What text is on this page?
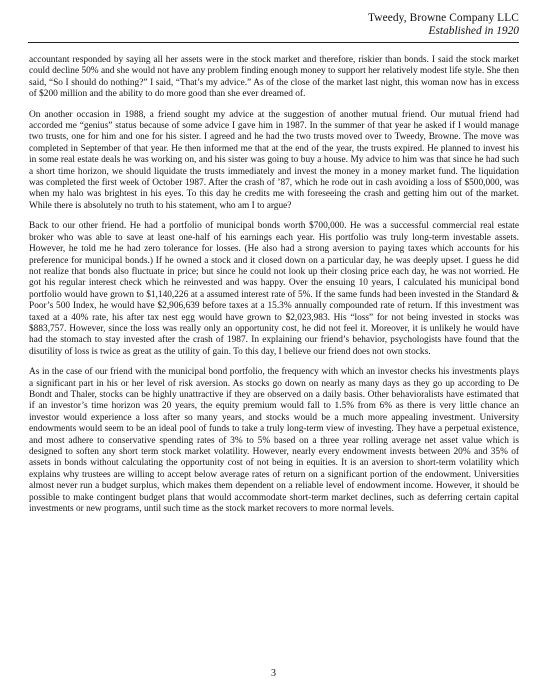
Tweedy, Browne Company LLC
Established in 1920

accountant responded by saying all her assets were in the stock market and therefore, riskier than bonds. I said the stock market could decline 50% and she would not have any problem finding enough money to support her relatively modest life style. She then said, “So I should do nothing?” I said, “That’s my advice.” As of the close of the market last night, this woman now has in excess of $200 million and the ability to do more good than she ever dreamed of.

On another occasion in 1988, a friend sought my advice at the suggestion of another mutual friend. Our mutual friend had accorded me “genius” status because of some advice I gave him in 1987. In the summer of that year he asked if I would manage two trusts, one for him and one for his sister. I agreed and he had the two trusts moved over to Tweedy, Browne. The move was completed in September of that year. He then informed me that at the end of the year, the trusts expired. He planned to invest his in some real estate deals he was working on, and his sister was going to buy a house. My advice to him was that since he had such a short time horizon, we should liquidate the trusts immediately and invest the money in a money market fund. The liquidation was completed the first week of October 1987. After the crash of ’87, which he rode out in cash avoiding a loss of $500,000, was when my halo was brightest in his eyes. To this day he credits me with foreseeing the crash and getting him out of the market. While there is absolutely no truth to his statement, who am I to argue?

Back to our other friend. He had a portfolio of municipal bonds worth $700,000. He was a successful commercial real estate broker who was able to save at least one-half of his earnings each year. His portfolio was truly long-term investable assets. However, he told me he had zero tolerance for losses. (He also had a strong aversion to paying taxes which accounts for his preference for municipal bonds.) If he owned a stock and it closed down on a particular day, he was deeply upset. I guess he did not realize that bonds also fluctuate in price; but since he could not look up their closing price each day, he was not worried. He got his regular interest check which he reinvested and was happy. Over the ensuing 10 years, I calculated his municipal bond portfolio would have grown to $1,140,226 at a assumed interest rate of 5%. If the same funds had been invested in the Standard & Poor’s 500 Index, he would have $2,906,639 before taxes at a 15.3% annually compounded rate of return. If this investment was taxed at a 40% rate, his after tax nest egg would have grown to $2,023,983. His “loss” for not being invested in stocks was $883,757. However, since the loss was really only an opportunity cost, he did not feel it. Moreover, it is unlikely he would have had the stomach to stay invested after the crash of 1987. In explaining our friend’s behavior, psychologists have found that the disutility of loss is twice as great as the utility of gain. To this day, I believe our friend does not own stocks.

As in the case of our friend with the municipal bond portfolio, the frequency with which an investor checks his investments plays a significant part in his or her level of risk aversion. As stocks go down on nearly as many days as they go up according to De Bondt and Thaler, stocks can be highly unattractive if they are observed on a daily basis. Other behavioralists have estimated that if an investor’s time horizon was 20 years, the equity premium would fall to 1.5% from 6% as there is very little chance an investor would experience a loss after so many years, and stocks would be a much more appealing investment. University endowments would seem to be an ideal pool of funds to take a truly long-term view of investing. They have a perpetual existence, and most adhere to conservative spending rates of 3% to 5% based on a three year rolling average net asset value which is designed to soften any short term stock market volatility. However, nearly every endowment invests between 20% and 35% of assets in bonds without calculating the opportunity cost of not being in equities. It is an aversion to short-term volatility which explains why trustees are willing to accept below average rates of return on a significant portion of the endowment. Universities almost never run a budget surplus, which makes them dependent on a reliable level of endowment income. However, it should be possible to make contingent budget plans that would accommodate short-term market declines, such as deferring certain capital investments or new programs, until such time as the stock market recovers to more normal levels.

3
